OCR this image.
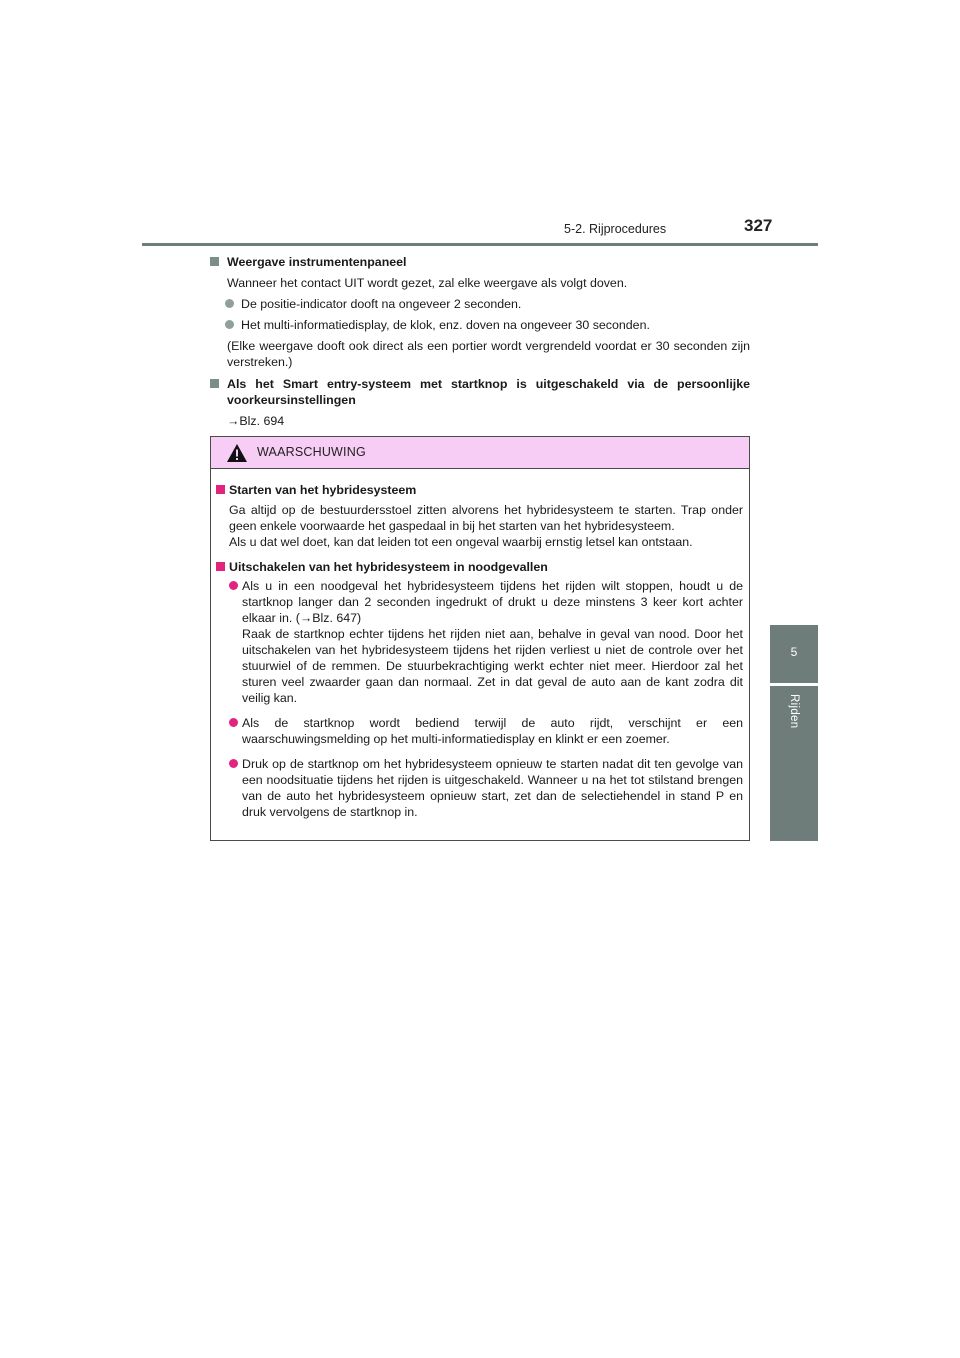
5-2. Rijprocedures	327
5
Rijden

Weergave instrumentenpaneel

Wanneer het contact UIT wordt gezet, zal elke weergave als volgt doven.

De positie-indicator dooft na ongeveer 2 seconden.

Het multi-informatiedisplay, de klok, enz. doven na ongeveer 30 seconden.

(Elke weergave dooft ook direct als een portier wordt vergrendeld voordat er 30 seconden zijn verstreken.)

Als het Smart entry-systeem met startknop is uitgeschakeld via de persoonlijke voorkeursinstellingen

→Blz. 694

WAARSCHUWING

Starten van het hybridesysteem

Ga altijd op de bestuurdersstoel zitten alvorens het hybridesysteem te starten. Trap onder geen enkele voorwaarde het gaspedaal in bij het starten van het hybridesysteem.
Als u dat wel doet, kan dat leiden tot een ongeval waarbij ernstig letsel kan ontstaan.

Uitschakelen van het hybridesysteem in noodgevallen

Als u in een noodgeval het hybridesysteem tijdens het rijden wilt stoppen, houdt u de startknop langer dan 2 seconden ingedrukt of drukt u deze minstens 3 keer kort achter elkaar in. (→Blz. 647)
Raak de startknop echter tijdens het rijden niet aan, behalve in geval van nood. Door het uitschakelen van het hybridesysteem tijdens het rijden verliest u niet de controle over het stuurwiel of de remmen. De stuurbekrachtiging werkt echter niet meer. Hierdoor zal het sturen veel zwaarder gaan dan normaal. Zet in dat geval de auto aan de kant zodra dit veilig kan.

Als de startknop wordt bediend terwijl de auto rijdt, verschijnt er een waarschuwingsmelding op het multi-informatiedisplay en klinkt er een zoemer.

Druk op de startknop om het hybridesysteem opnieuw te starten nadat dit ten gevolge van een noodsituatie tijdens het rijden is uitgeschakeld. Wanneer u na het tot stilstand brengen van de auto het hybridesysteem opnieuw start, zet dan de selectiehendel in stand P en druk vervolgens de startknop in.
